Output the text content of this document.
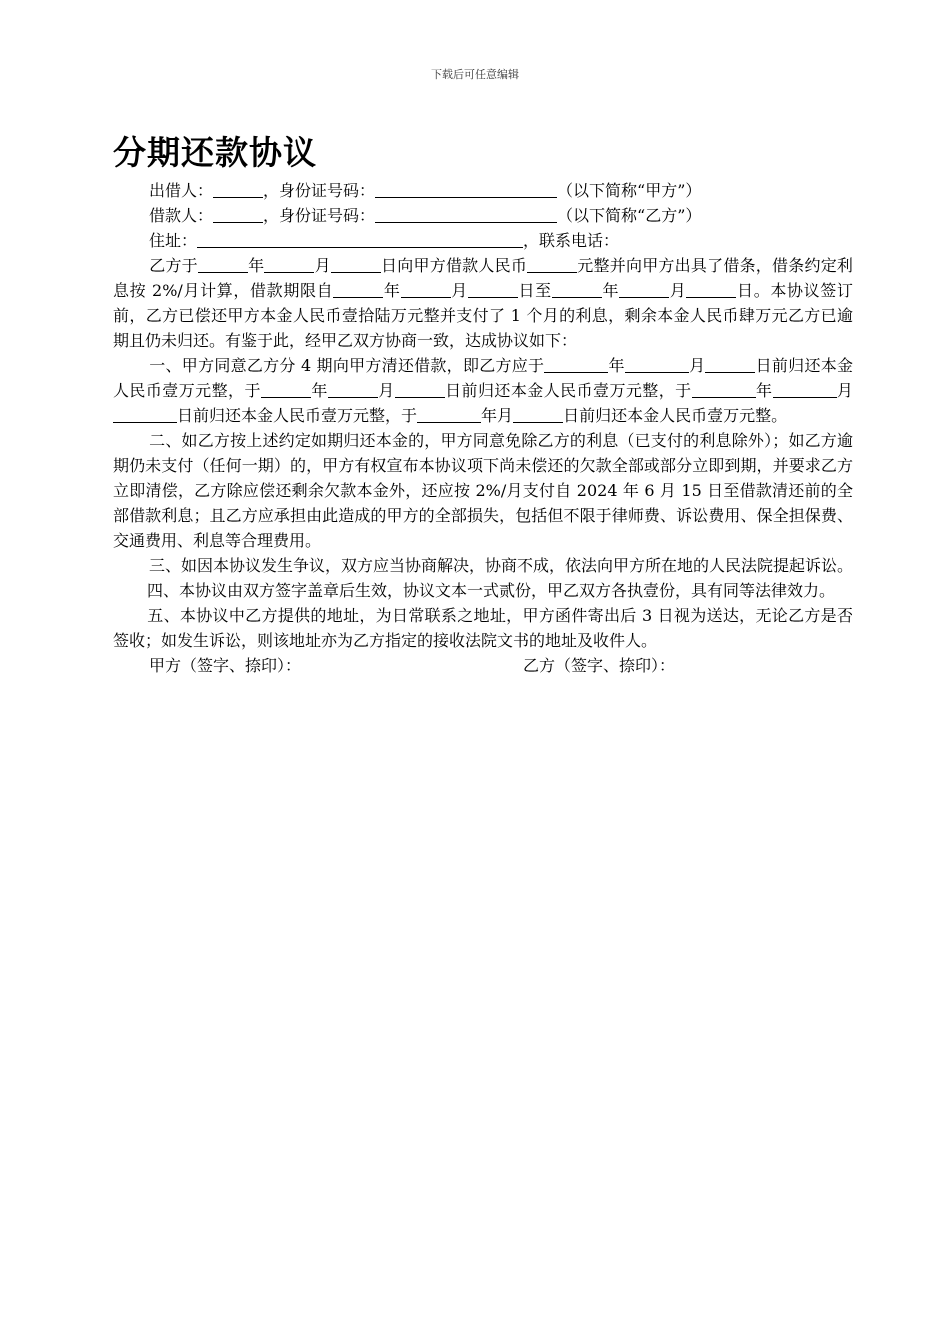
下载后可任意编辑
分期还款协议
出借人：	，身份证号码：	（以下简称“甲方”）
借款人：	，身份证号码：	（以下简称“乙方”）
住址：	，联系电话：
乙方于	年	月	日向甲方借款人民币	元整并向甲方出具了借条，借条约定利息按 2%/月计算，借款期限自	年	月	日至	年	月	日。本协议签订前，乙方已偿还甲方本金人民币壹拾陆万元整并支付了 1 个月的利息，剩余本金人民币肆万元乙方已逾期且仍未归还。有鉴于此，经甲乙双方协商一致，达成协议如下：
一、甲方同意乙方分 4 期向甲方清还借款，即乙方应于	年	月	日前归还本金人民币壹万元整，于	年	月	日前归还本金人民币壹万元整，于	年	月日前归还本金人民币壹万元整，于	年月	日前归还本金人民币壹万元整。
二、如乙方按上述约定如期归还本金的，甲方同意免除乙方的利息（已支付的利息除外）；如乙方逾期仍未支付（任何一期）的，甲方有权宣布本协议项下尚未偿还的欠款全部或部分立即到期，并要求乙方立即清偿，乙方除应偿还剩余欠款本金外，还应按 2%/月支付自 2024 年 6 月 15 日至借款清还前的全部借款利息；且乙方应承担由此造成的甲方的全部损失，包括但不限于律师费、诉讼费用、保全担保费、交通费用、利息等合理费用。
三、如因本协议发生争议，双方应当协商解决，协商不成，依法向甲方所在地的人民法院提起诉讼。
四、本协议由双方签字盖章后生效，协议文本一式贰份，甲乙双方各执壹份，具有同等法律效力。
五、本协议中乙方提供的地址，为日常联系之地址，甲方函件寄出后 3 日视为送达，无论乙方是否签收；如发生诉讼，则该地址亦为乙方指定的接收法院文书的地址及收件人。
甲方（签字、捺印）：	乙方（签字、捺印）：
